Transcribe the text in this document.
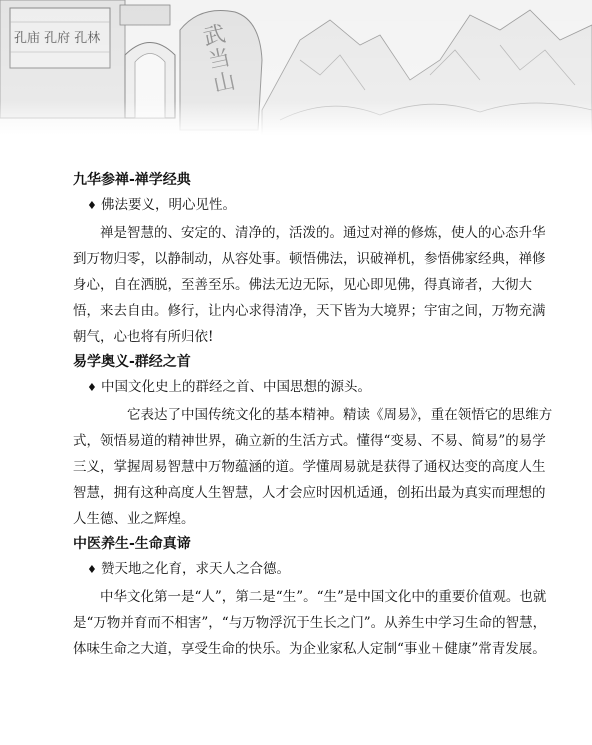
九华参禅-禅学经典

♦ 佛法要义，明心见性。

禅是智慧的、安定的、清净的，活泼的。通过对禅的修炼，使人的心态升华到万物归零，以静制动，从容处事。顿悟佛法，识破禅机，参悟佛家经典，禅修身心，自在洒脱，至善至乐。佛法无边无际，见心即见佛，得真谛者，大彻大悟，来去自由。修行，让内心求得清净，天下皆为大境界；宇宙之间，万物充满朝气，心也将有所归依!

易学奥义-群经之首

♦ 中国文化史上的群经之首、中国思想的源头。

它表达了中国传统文化的基本精神。精读《周易》，重在领悟它的思维方式，领悟易道的精神世界，确立新的生活方式。懂得“变易、不易、简易”的易学三义，掌握周易智慧中万物蕴涵的道。学懂周易就是获得了通权达变的高度人生智慧，拥有这种高度人生智慧，人才会应时因机适通，创拓出最为真实而理想的人生德、业之辉煌。

中医养生-生命真谛

♦ 赞天地之化育，求天人之合德。

中华文化第一是“人”，第二是“生”。“生”是中国文化中的重要价值观。也就是“万物并育而不相害”，“与万物浮沉于生长之门”。从养生中学习生命的智慧，体味生命之大道，享受生命的快乐。为企业家私人定制“事业＋健康”常青发展。
